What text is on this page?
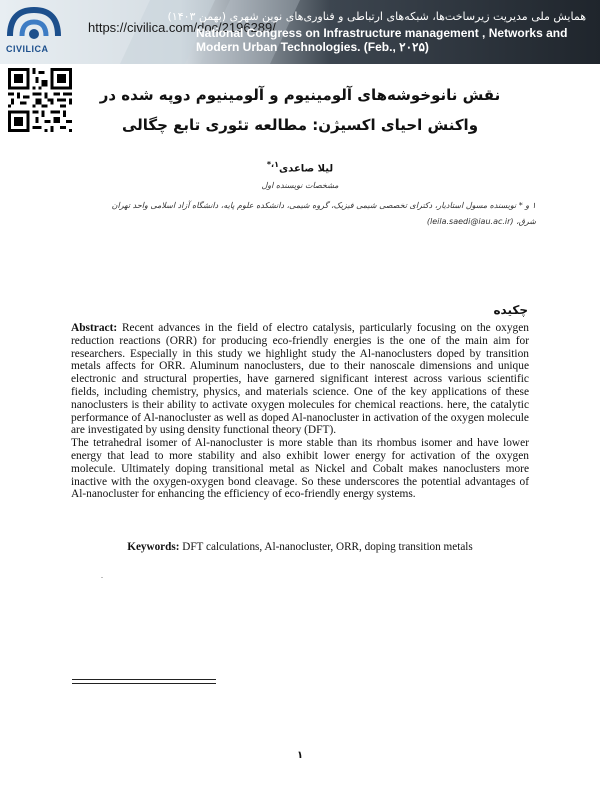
CIVILICA
https://civilica.com/doc/2196289/
همایش ملی مدیریت زیرساخت‌ها، شبکه‌های ارتباطی و فناوری‌های نوین شهری (بهمن ۱۴۰۳)
National Congress on Infrastructure management , Networks and Modern Urban Technologies. (Feb., ۲۰۲۵)
نقش نانوخوشه‌های آلومینیوم و آلومینیوم دوپه شده در واکنش احیای اکسیژن: مطالعه تئوری تابع چگالی
لیلا صاعدی$^{۱،*}$
مشخصات نویسنده اول
۱ و * نویسنده مسول استادیار، دکترای تخصصی شیمی فیزیک، گروه شیمی، دانشکده علوم پایه، دانشگاه آزاد اسلامی واحد تهران شرق، (leila.saedi@iau.ac.ir)
چکیده

Abstract: Recent advances in the field of electro catalysis, particularly focusing on the oxygen reduction reactions (ORR) for producing eco-friendly energies is the one of the main aim for researchers. Especially in this study we highlight study the Al-nanoclusters doped by transition metals affects for ORR. Aluminum nanoclusters, due to their nanoscale dimensions and unique electronic and structural properties, have garnered significant interest across various scientific fields, including chemistry, physics, and materials science. One of the key applications of these nanoclusters is their ability to activate oxygen molecules for chemical reactions. here, the catalytic performance of Al-nanocluster as well as doped Al-nanocluster in activation of the oxygen molecule are investigated by using density functional theory (DFT).

The tetrahedral isomer of Al-nanocluster is more stable than its rhombus isomer and have lower energy that lead to more stability and also exhibit lower energy for activation of the oxygen molecule. Ultimately doping transitional metal as Nickel and Cobalt makes nanoclusters more inactive with the oxygen-oxygen bond cleavage. So these underscores the potential advantages of Al-nanocluster for enhancing the efficiency of eco-friendly energy systems.

Keywords: DFT calculations, Al-nanocluster, ORR, doping transition metals
.
۱
